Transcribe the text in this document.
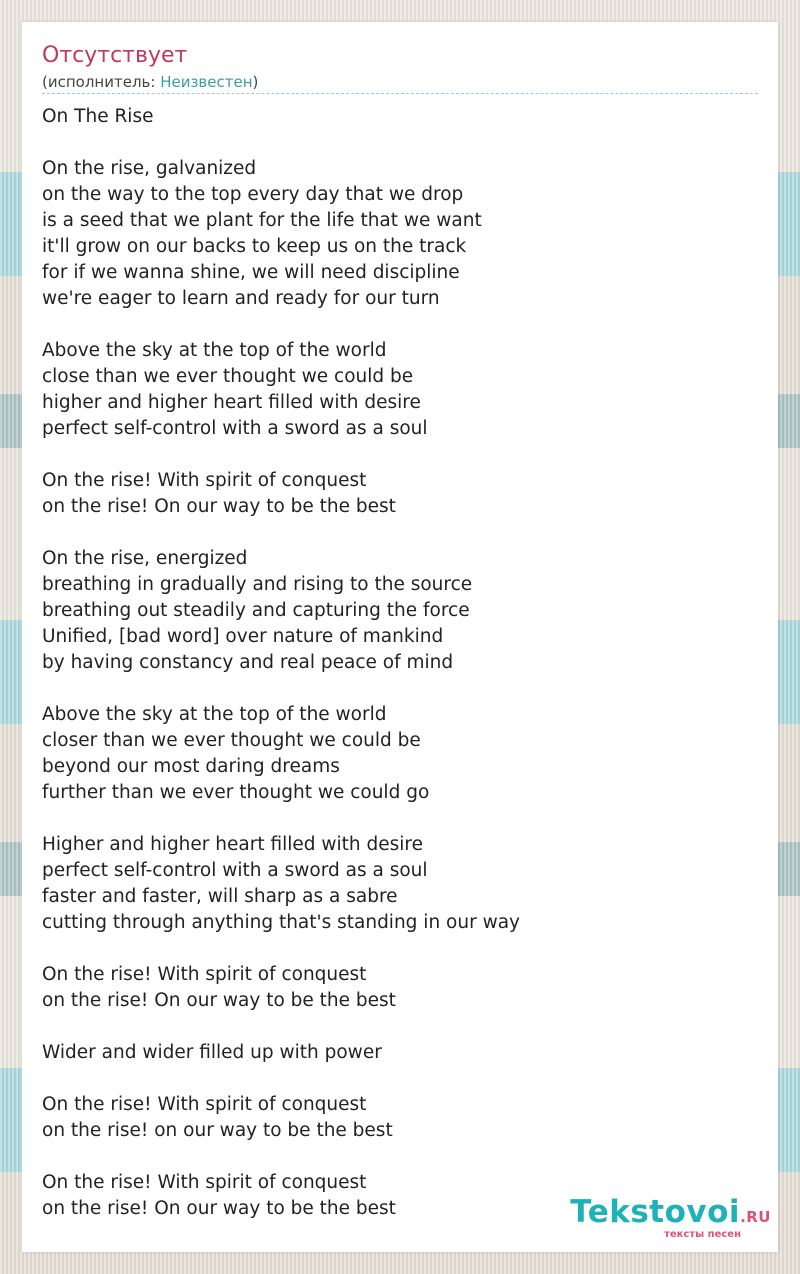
Отсутствует
(исполнитель: Неизвестен)
On The Rise

On the rise, galvanized
on the way to the top every day that we drop
is a seed that we plant for the life that we want
it'll grow on our backs to keep us on the track
for if we wanna shine, we will need discipline
we're eager to learn and ready for our turn

Above the sky at the top of the world
close than we ever thought we could be
higher and higher heart filled with desire
perfect self-control with a sword as a soul

On the rise! With spirit of conquest
on the rise! On our way to be the best

On the rise, energized
breathing in gradually and rising to the source
breathing out steadily and capturing the force
Unified, [bad word] over nature of mankind
by having constancy and real peace of mind

Above the sky at the top of the world
closer than we ever thought we could be
beyond our most daring dreams
further than we ever thought we could go

Higher and higher heart filled with desire
perfect self-control with a sword as a soul
faster and faster, will sharp as a sabre
cutting through anything that's standing in our way

On the rise! With spirit of conquest
on the rise! On our way to be the best

Wider and wider filled up with power

On the rise! With spirit of conquest
on the rise! on our way to be the best

On the rise! With spirit of conquest
on the rise! On our way to be the best	Tekstovoi.RU
тексты песен
